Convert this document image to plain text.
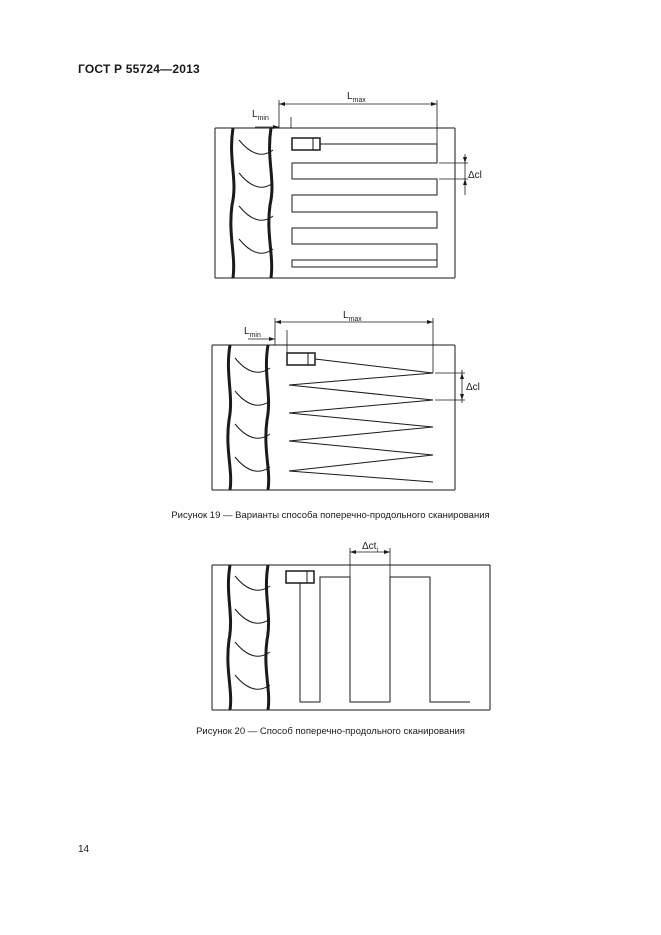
ГОСТ Р 55724—2013
$L_{min}$
$L_{max}$
Δcl
$L_{min}$
$L_{max}$
Δcl
Рисунок 19 — Варианты способа поперечно-продольного сканирования
Δct$_i$
Рисунок 20 — Способ поперечно-продольного сканирования
14
